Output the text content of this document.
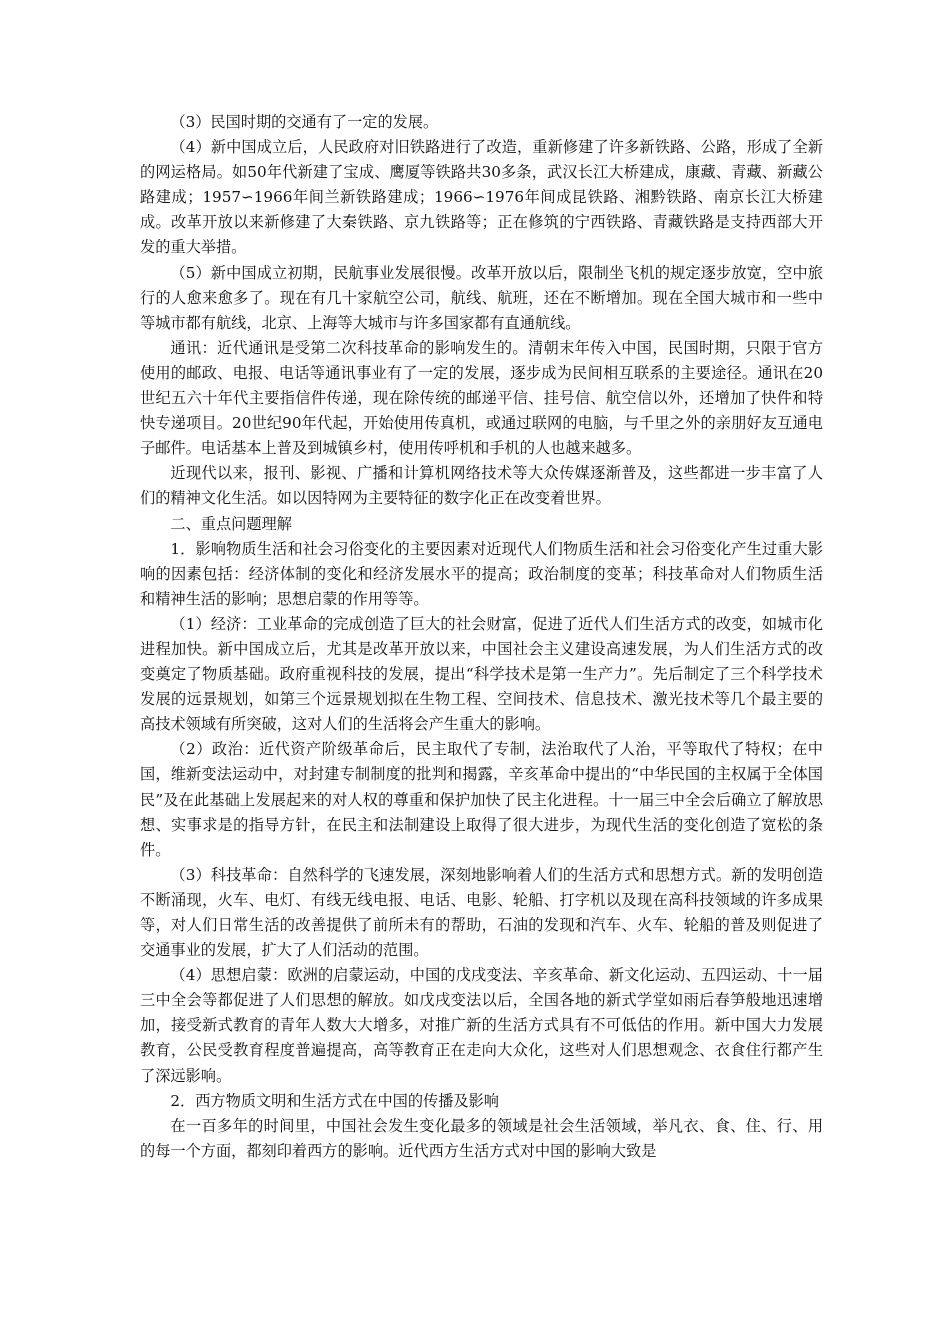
（3）民国时期的交通有了一定的发展。

（4）新中国成立后，人民政府对旧铁路进行了改造，重新修建了许多新铁路、公路，形成了全新的网运格局。如50年代新建了宝成、鹰厦等铁路共30多条，武汉长江大桥建成，康藏、青藏、新藏公路建成；1957∽1966年间兰新铁路建成；1966∽1976年间成昆铁路、湘黔铁路、南京长江大桥建成。改革开放以来新修建了大秦铁路、京九铁路等；正在修筑的宁西铁路、青藏铁路是支持西部大开发的重大举措。

（5）新中国成立初期，民航事业发展很慢。改革开放以后，限制坐飞机的规定逐步放宽，空中旅行的人愈来愈多了。现在有几十家航空公司，航线、航班，还在不断增加。现在全国大城市和一些中等城市都有航线，北京、上海等大城市与许多国家都有直通航线。

通讯：近代通讯是受第二次科技革命的影响发生的。清朝末年传入中国，民国时期，只限于官方使用的邮政、电报、电话等通讯事业有了一定的发展，逐步成为民间相互联系的主要途径。通讯在20世纪五六十年代主要指信件传递，现在除传统的邮递平信、挂号信、航空信以外，还增加了快件和特快专递项目。20世纪90年代起，开始使用传真机，或通过联网的电脑，与千里之外的亲朋好友互通电子邮件。电话基本上普及到城镇乡村，使用传呼机和手机的人也越来越多。

近现代以来，报刊、影视、广播和计算机网络技术等大众传媒逐渐普及，这些都进一步丰富了人们的精神文化生活。如以因特网为主要特征的数字化正在改变着世界。

二、重点问题理解

1．影响物质生活和社会习俗变化的主要因素对近现代人们物质生活和社会习俗变化产生过重大影响的因素包括：经济体制的变化和经济发展水平的提高；政治制度的变革；科技革命对人们物质生活和精神生活的影响；思想启蒙的作用等等。

（1）经济：工业革命的完成创造了巨大的社会财富，促进了近代人们生活方式的改变，如城市化进程加快。新中国成立后，尤其是改革开放以来，中国社会主义建设高速发展，为人们生活方式的改变奠定了物质基础。政府重视科技的发展，提出“科学技术是第一生产力”。先后制定了三个科学技术发展的远景规划，如第三个远景规划拟在生物工程、空间技术、信息技术、激光技术等几个最主要的高技术领域有所突破，这对人们的生活将会产生重大的影响。

（2）政治：近代资产阶级革命后，民主取代了专制，法治取代了人治，平等取代了特权；在中国，维新变法运动中，对封建专制制度的批判和揭露，辛亥革命中提出的“中华民国的主权属于全体国民”及在此基础上发展起来的对人权的尊重和保护加快了民主化进程。十一届三中全会后确立了解放思想、实事求是的指导方针，在民主和法制建设上取得了很大进步，为现代生活的变化创造了宽松的条件。

（3）科技革命：自然科学的飞速发展，深刻地影响着人们的生活方式和思想方式。新的发明创造不断涌现，火车、电灯、有线无线电报、电话、电影、轮船、打字机以及现在高科技领域的许多成果等，对人们日常生活的改善提供了前所未有的帮助，石油的发现和汽车、火车、轮船的普及则促进了交通事业的发展，扩大了人们活动的范围。

（4）思想启蒙：欧洲的启蒙运动，中国的戊戌变法、辛亥革命、新文化运动、五四运动、十一届三中全会等都促进了人们思想的解放。如戊戌变法以后，全国各地的新式学堂如雨后春笋般地迅速增加，接受新式教育的青年人数大大增多，对推广新的生活方式具有不可低估的作用。新中国大力发展教育，公民受教育程度普遍提高，高等教育正在走向大众化，这些对人们思想观念、衣食住行都产生了深远影响。

2．西方物质文明和生活方式在中国的传播及影响

在一百多年的时间里，中国社会发生变化最多的领域是社会生活领域，举凡衣、食、住、行、用的每一个方面，都刻印着西方的影响。近代西方生活方式对中国的影响大致是
